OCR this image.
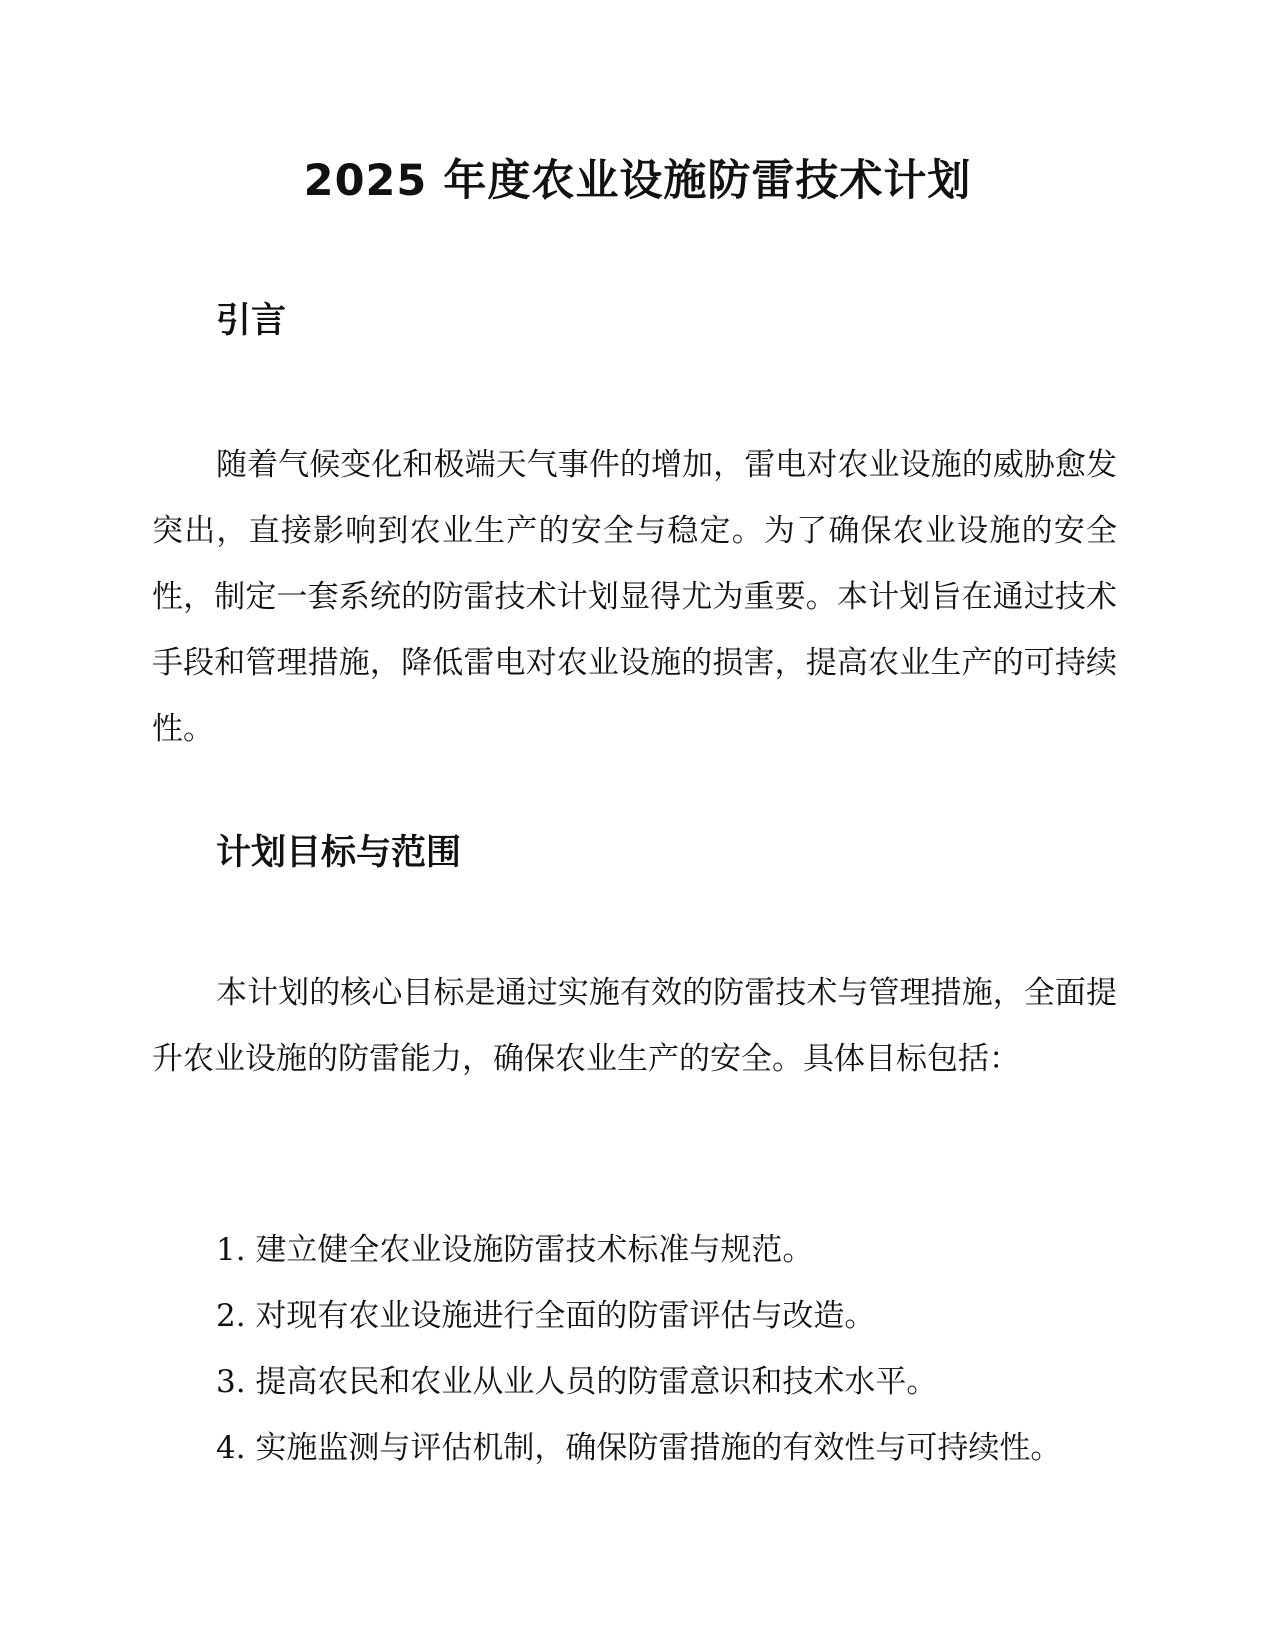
2025 年度农业设施防雷技术计划
引言

随着气候变化和极端天气事件的增加，雷电对农业设施的威胁愈发突出，直接影响到农业生产的安全与稳定。为了确保农业设施的安全性，制定一套系统的防雷技术计划显得尤为重要。本计划旨在通过技术手段和管理措施，降低雷电对农业设施的损害，提高农业生产的可持续性。

计划目标与范围

本计划的核心目标是通过实施有效的防雷技术与管理措施，全面提升农业设施的防雷能力，确保农业生产的安全。具体目标包括：

1. 建立健全农业设施防雷技术标准与规范。
2. 对现有农业设施进行全面的防雷评估与改造。
3. 提高农民和农业从业人员的防雷意识和技术水平。
4. 实施监测与评估机制，确保防雷措施的有效性与可持续性。
